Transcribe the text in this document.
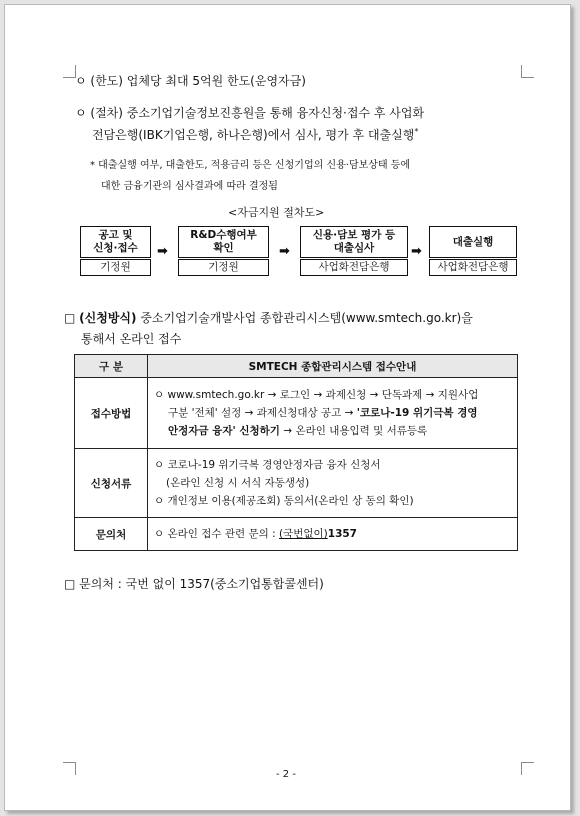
ㅇ (한도) 업체당 최대 5억원 한도(운영자금)
ㅇ (절차) 중소기업기술정보진흥원을 통해 융자신청·접수 후 사업화
전담은행(IBK기업은행, 하나은행)에서 심사, 평가 후 대출실행*
* 대출실행 여부, 대출한도, 적용금리 등은 신청기업의 신용·담보상태 등에
대한 금융기관의 심사결과에 따라 결정됨
<자금지원 절차도>
공고 및
신청·접수
기정원
➡
R&D수행여부
확인
기정원
➡
신용·담보 평가 등
대출심사
사업화전담은행
➡
대출실행
사업화전담은행
□ (신청방식) 중소기업기술개발사업 종합관리시스템(www.smtech.go.kr)을
통해서 온라인 접수
구 분	SMTECH 종합관리시스템 접수안내
접수방법	ㅇ www.smtech.go.kr → 로그인 → 과제신청 → 단독과제 → 지원사업
구분 '전체' 설정 → 과제신청대상 공고 → '코로나-19 위기극복 경영
안정자금 융자' 신청하기 → 온라인 내용입력 및 서류등록

신청서류	ㅇ 코로나-19 위기극복 경영안정자금 융자 신청서
(온라인 신청 시 서식 자동생성)
ㅇ 개인정보 이용(제공조회) 동의서(온라인 상 동의 확인)

문의처	ㅇ 온라인 접수 관련 문의 : (국번없이)1357
□ 문의처 : 국번 없이 1357(중소기업통합콜센터)
- 2 -
